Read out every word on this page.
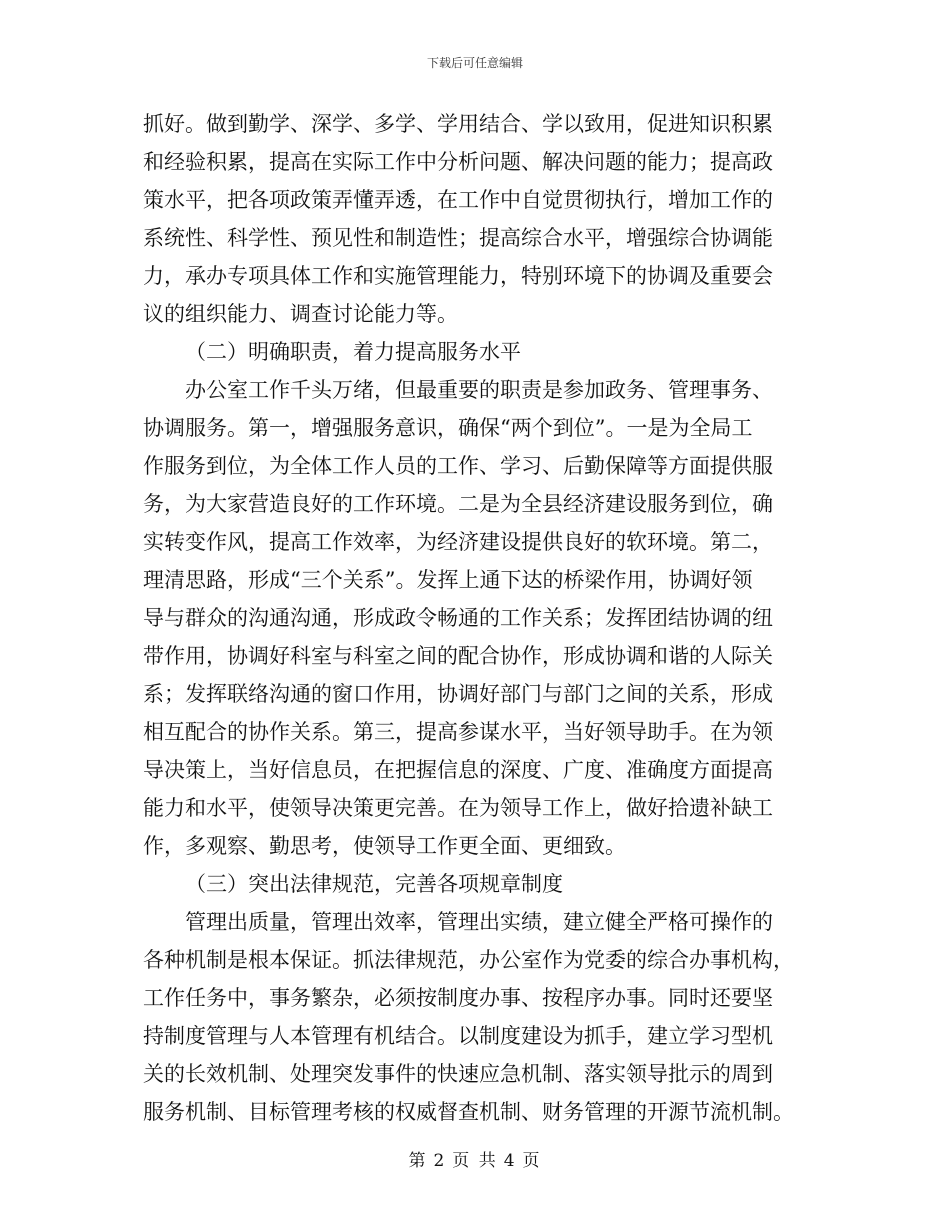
下载后可任意编辑
抓好。做到勤学、深学、多学、学用结合、学以致用，促进知识积累
和经验积累，提高在实际工作中分析问题、解决问题的能力；提高政
策水平，把各项政策弄懂弄透，在工作中自觉贯彻执行，增加工作的
系统性、科学性、预见性和制造性；提高综合水平，增强综合协调能
力，承办专项具体工作和实施管理能力，特别环境下的协调及重要会
议的组织能力、调查讨论能力等。
（二）明确职责，着力提高服务水平
办公室工作千头万绪，但最重要的职责是参加政务、管理事务、
协调服务。第一，增强服务意识，确保“两个到位”。一是为全局工
作服务到位，为全体工作人员的工作、学习、后勤保障等方面提供服
务，为大家营造良好的工作环境。二是为全县经济建设服务到位，确
实转变作风，提高工作效率，为经济建设提供良好的软环境。第二，
理清思路，形成“三个关系”。发挥上通下达的桥梁作用，协调好领
导与群众的沟通沟通，形成政令畅通的工作关系；发挥团结协调的纽
带作用，协调好科室与科室之间的配合协作，形成协调和谐的人际关
系；发挥联络沟通的窗口作用，协调好部门与部门之间的关系，形成
相互配合的协作关系。第三，提高参谋水平，当好领导助手。在为领
导决策上，当好信息员，在把握信息的深度、广度、准确度方面提高
能力和水平，使领导决策更完善。在为领导工作上，做好拾遗补缺工
作，多观察、勤思考，使领导工作更全面、更细致。
（三）突出法律规范，完善各项规章制度
管理出质量，管理出效率，管理出实绩，建立健全严格可操作的
各种机制是根本保证。抓法律规范，办公室作为党委的综合办事机构，
工作任务中，事务繁杂，必须按制度办事、按程序办事。同时还要坚
持制度管理与人本管理有机结合。以制度建设为抓手，建立学习型机
关的长效机制、处理突发事件的快速应急机制、落实领导批示的周到
服务机制、目标管理考核的权威督查机制、财务管理的开源节流机制。
第 2 页 共 4 页
